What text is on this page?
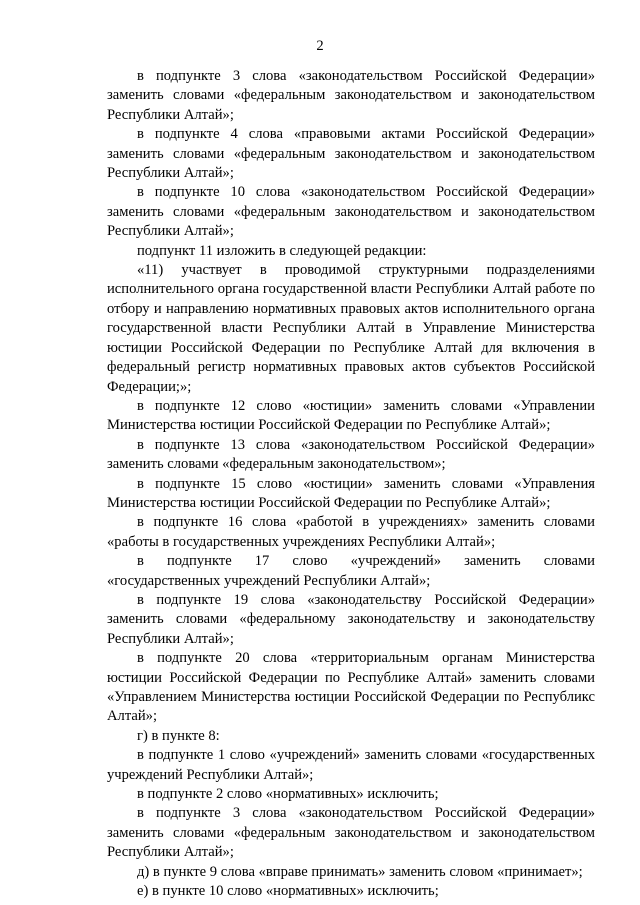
2

в подпункте 3 слова «законодательством Российской Федерации» заменить словами «федеральным законодательством и законодательством Республики Алтай»;

в подпункте 4 слова «правовыми актами Российской Федерации» заменить словами «федеральным законодательством и законодательством Республики Алтай»;

в подпункте 10 слова «законодательством Российской Федерации» заменить словами «федеральным законодательством и законодательством Республики Алтай»;

подпункт 11 изложить в следующей редакции:

«11) участвует в проводимой структурными подразделениями исполнительного органа государственной власти Республики Алтай работе по отбору и направлению нормативных правовых актов исполнительного органа государственной власти Республики Алтай в Управление Министерства юстиции Российской Федерации по Республике Алтай для включения в федеральный регистр нормативных правовых актов субъектов Российской Федерации;»;

в подпункте 12 слово «юстиции» заменить словами «Управлении Министерства юстиции Российской Федерации по Республике Алтай»;

в подпункте 13 слова «законодательством Российской Федерации» заменить словами «федеральным законодательством»;

в подпункте 15 слово «юстиции» заменить словами «Управления Министерства юстиции Российской Федерации по Республике Алтай»;

в подпункте 16 слова «работой в учреждениях» заменить словами «работы в государственных учреждениях Республики Алтай»;

в подпункте 17 слово «учреждений» заменить словами «государственных учреждений Республики Алтай»;

в подпункте 19 слова «законодательству Российской Федерации» заменить словами «федеральному законодательству и законодательству Республики Алтай»;

в подпункте 20 слова «территориальным органам Министерства юстиции Российской Федерации по Республике Алтай» заменить словами «Управлением Министерства юстиции Российской Федерации по Республикс Алтай»;

г) в пункте 8:

в подпункте 1 слово «учреждений» заменить словами «государственных учреждений Республики Алтай»;

в подпункте 2 слово «нормативных» исключить;

в подпункте 3 слова «законодательством Российской Федерации» заменить словами «федеральным законодательством и законодательством Республики Алтай»;

д) в пункте 9 слова «вправе принимать» заменить словом «принимает»;

е) в пункте 10 слово «нормативных» исключить;
